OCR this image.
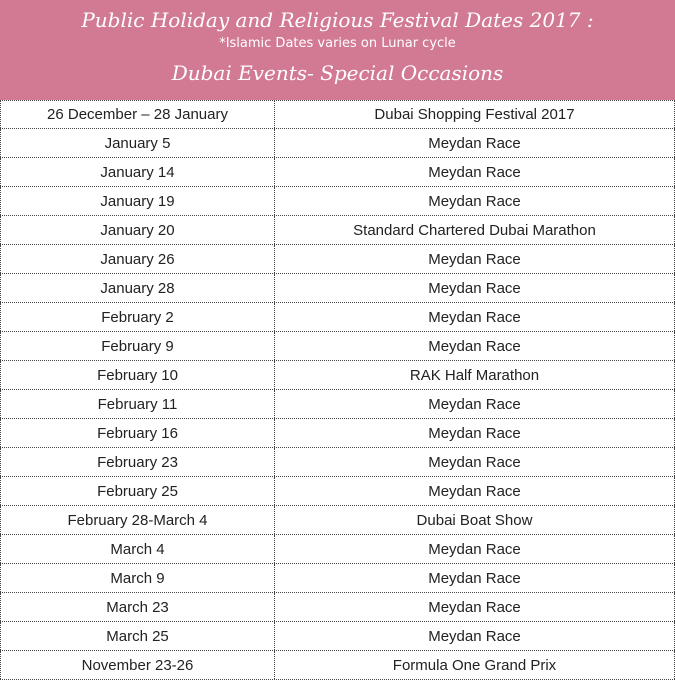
Public Holiday and Religious Festival Dates 2017 :
*Islamic Dates varies on Lunar cycle
Dubai Events- Special Occasions
26 December – 28 January	Dubai Shopping Festival 2017
January 5	Meydan Race
January 14	Meydan Race
January 19	Meydan Race
January 20	Standard Chartered Dubai Marathon
January 26	Meydan Race
January 28	Meydan Race
February 2	Meydan Race
February 9	Meydan Race
February 10	RAK Half Marathon
February 11	Meydan Race
February 16	Meydan Race
February 23	Meydan Race
February 25	Meydan Race
February 28-March 4	Dubai Boat Show
March 4	Meydan Race
March 9	Meydan Race
March 23	Meydan Race
March 25	Meydan Race
November 23-26	Formula One Grand Prix
